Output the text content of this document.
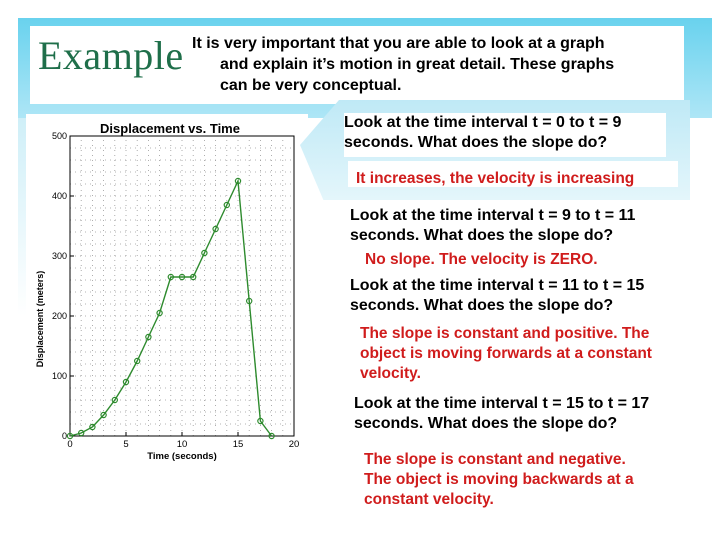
Example It is very important that you are able to look at a graph
and explain it’s motion in great detail. These graphs
can be very conceptual.
Displacement vs. Time
0	5	10	15	20
0
100
200
300
400
500
Time (seconds)
Displacement (meters)
Look at the time interval t = 0 to t = 9
seconds. What does the slope do?
It increases, the velocity is increasing
Look at the time interval t = 9 to t = 11
seconds. What does the slope do?
No slope. The velocity is ZERO.
Look at the time interval t = 11 to t = 15
seconds. What does the slope do?
The slope is constant and positive. The
object is moving forwards at a constant
velocity.
Look at the time interval t = 15 to t = 17
seconds. What does the slope do?
The slope is constant and negative.
The object is moving backwards at a
constant velocity.
